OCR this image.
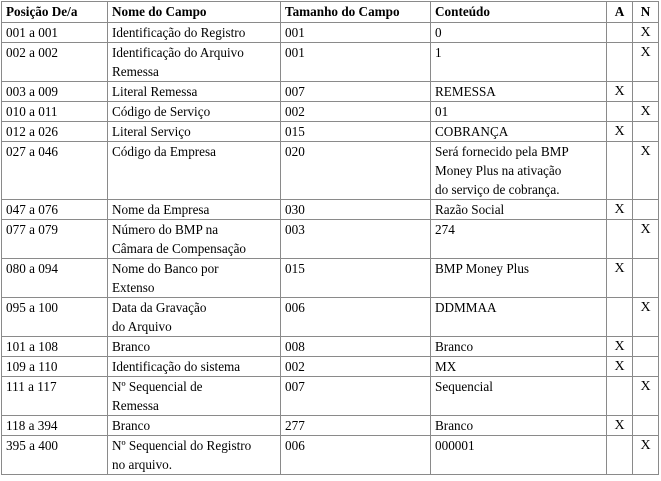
Posição De/a	Nome do Campo	Tamanho do Campo	Conteúdo	A	N
001 a 001	Identificação do Registro	001	0		X
002 a 002	Identificação do Arquivo
Remessa	001	1		X
003 a 009	Literal Remessa	007	REMESSA	X	
010 a 011	Código de Serviço	002	01		X
012 a 026	Literal Serviço	015	COBRANÇA	X	
027 a 046	Código da Empresa	020	Será fornecido pela BMP
Money Plus na ativação
do serviço de cobrança.		X
047 a 076	Nome da Empresa	030	Razão Social	X	
077 a 079	Número do BMP na
Câmara de Compensação	003	274		X
080 a 094	Nome do Banco por
Extenso	015	BMP Money Plus	X	
095 a 100	Data da Gravação
do Arquivo	006	DDMMAA		X
101 a 108	Branco	008	Branco	X	
109 a 110	Identificação do sistema	002	MX	X	
111 a 117	Nº Sequencial de
Remessa	007	Sequencial		X
118 a 394	Branco	277	Branco	X	
395 a 400	Nº Sequencial do Registro
no arquivo.	006	000001		X
